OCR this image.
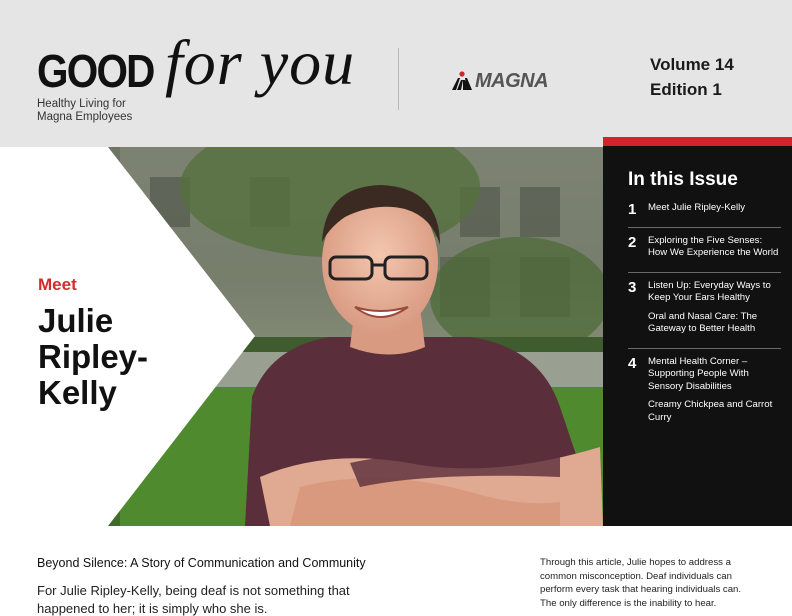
GOOD for you
Healthy Living for
Magna Employees
MAGNA
Volume 14
Edition 1
Meet
Julie
Ripley-
Kelly
In this Issue
1	Meet Julie Ripley-Kelly
2	Exploring the Five Senses: How We Experience the World
3	Listen Up: Everyday Ways to Keep Your Ears Healthy
Oral and Nasal Care: The Gateway to Better Health
4	Mental Health Corner – Supporting People With Sensory Disabilities
Creamy Chickpea and Carrot Curry
Beyond Silence: A Story of Communication and Community
For Julie Ripley-Kelly, being deaf is not something that
happened to her; it is simply who she is.
Through this article, Julie hopes to address a
common misconception. Deaf individuals can
perform every task that hearing individuals can.
The only difference is the inability to hear.
